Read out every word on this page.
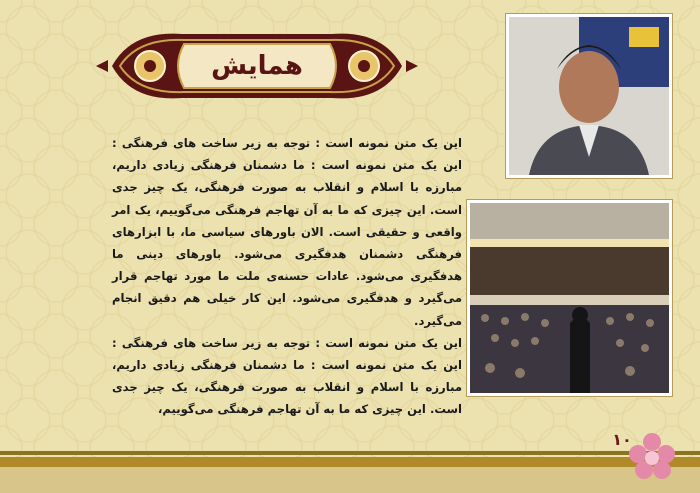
همایش

این یک متن نمونه است : توجه به زیر ساخت های فرهنگی : این یک متن نمونه است : ما دشمنان فرهنگی زیادی داریم، مبارزه با اسلام و انقلاب به صورت فرهنگی، یک چیز جدی است. این چیزی که ما به آن تهاجم فرهنگی می‌گوییم، یک امر واقعی و حقیقی است. الان باورهای سیاسی ما، با ابزارهای فرهنگی دشمنان هدفگیری می‌شود. باورهای دینی ما هدفگیری می‌شود. عادات حسنه‌ی ملت ما مورد تهاجم قرار می‌گیرد و هدفگیری می‌شود. این کار خیلی هم دقیق انجام می‌گیرد.

این یک متن نمونه است : توجه به زیر ساخت های فرهنگی : این یک متن نمونه است : ما دشمنان فرهنگی زیادی داریم، مبارزه با اسلام و انقلاب به صورت فرهنگی، یک چیز جدی است. این چیزی که ما به آن تهاجم فرهنگی می‌گوییم،

۱۰
